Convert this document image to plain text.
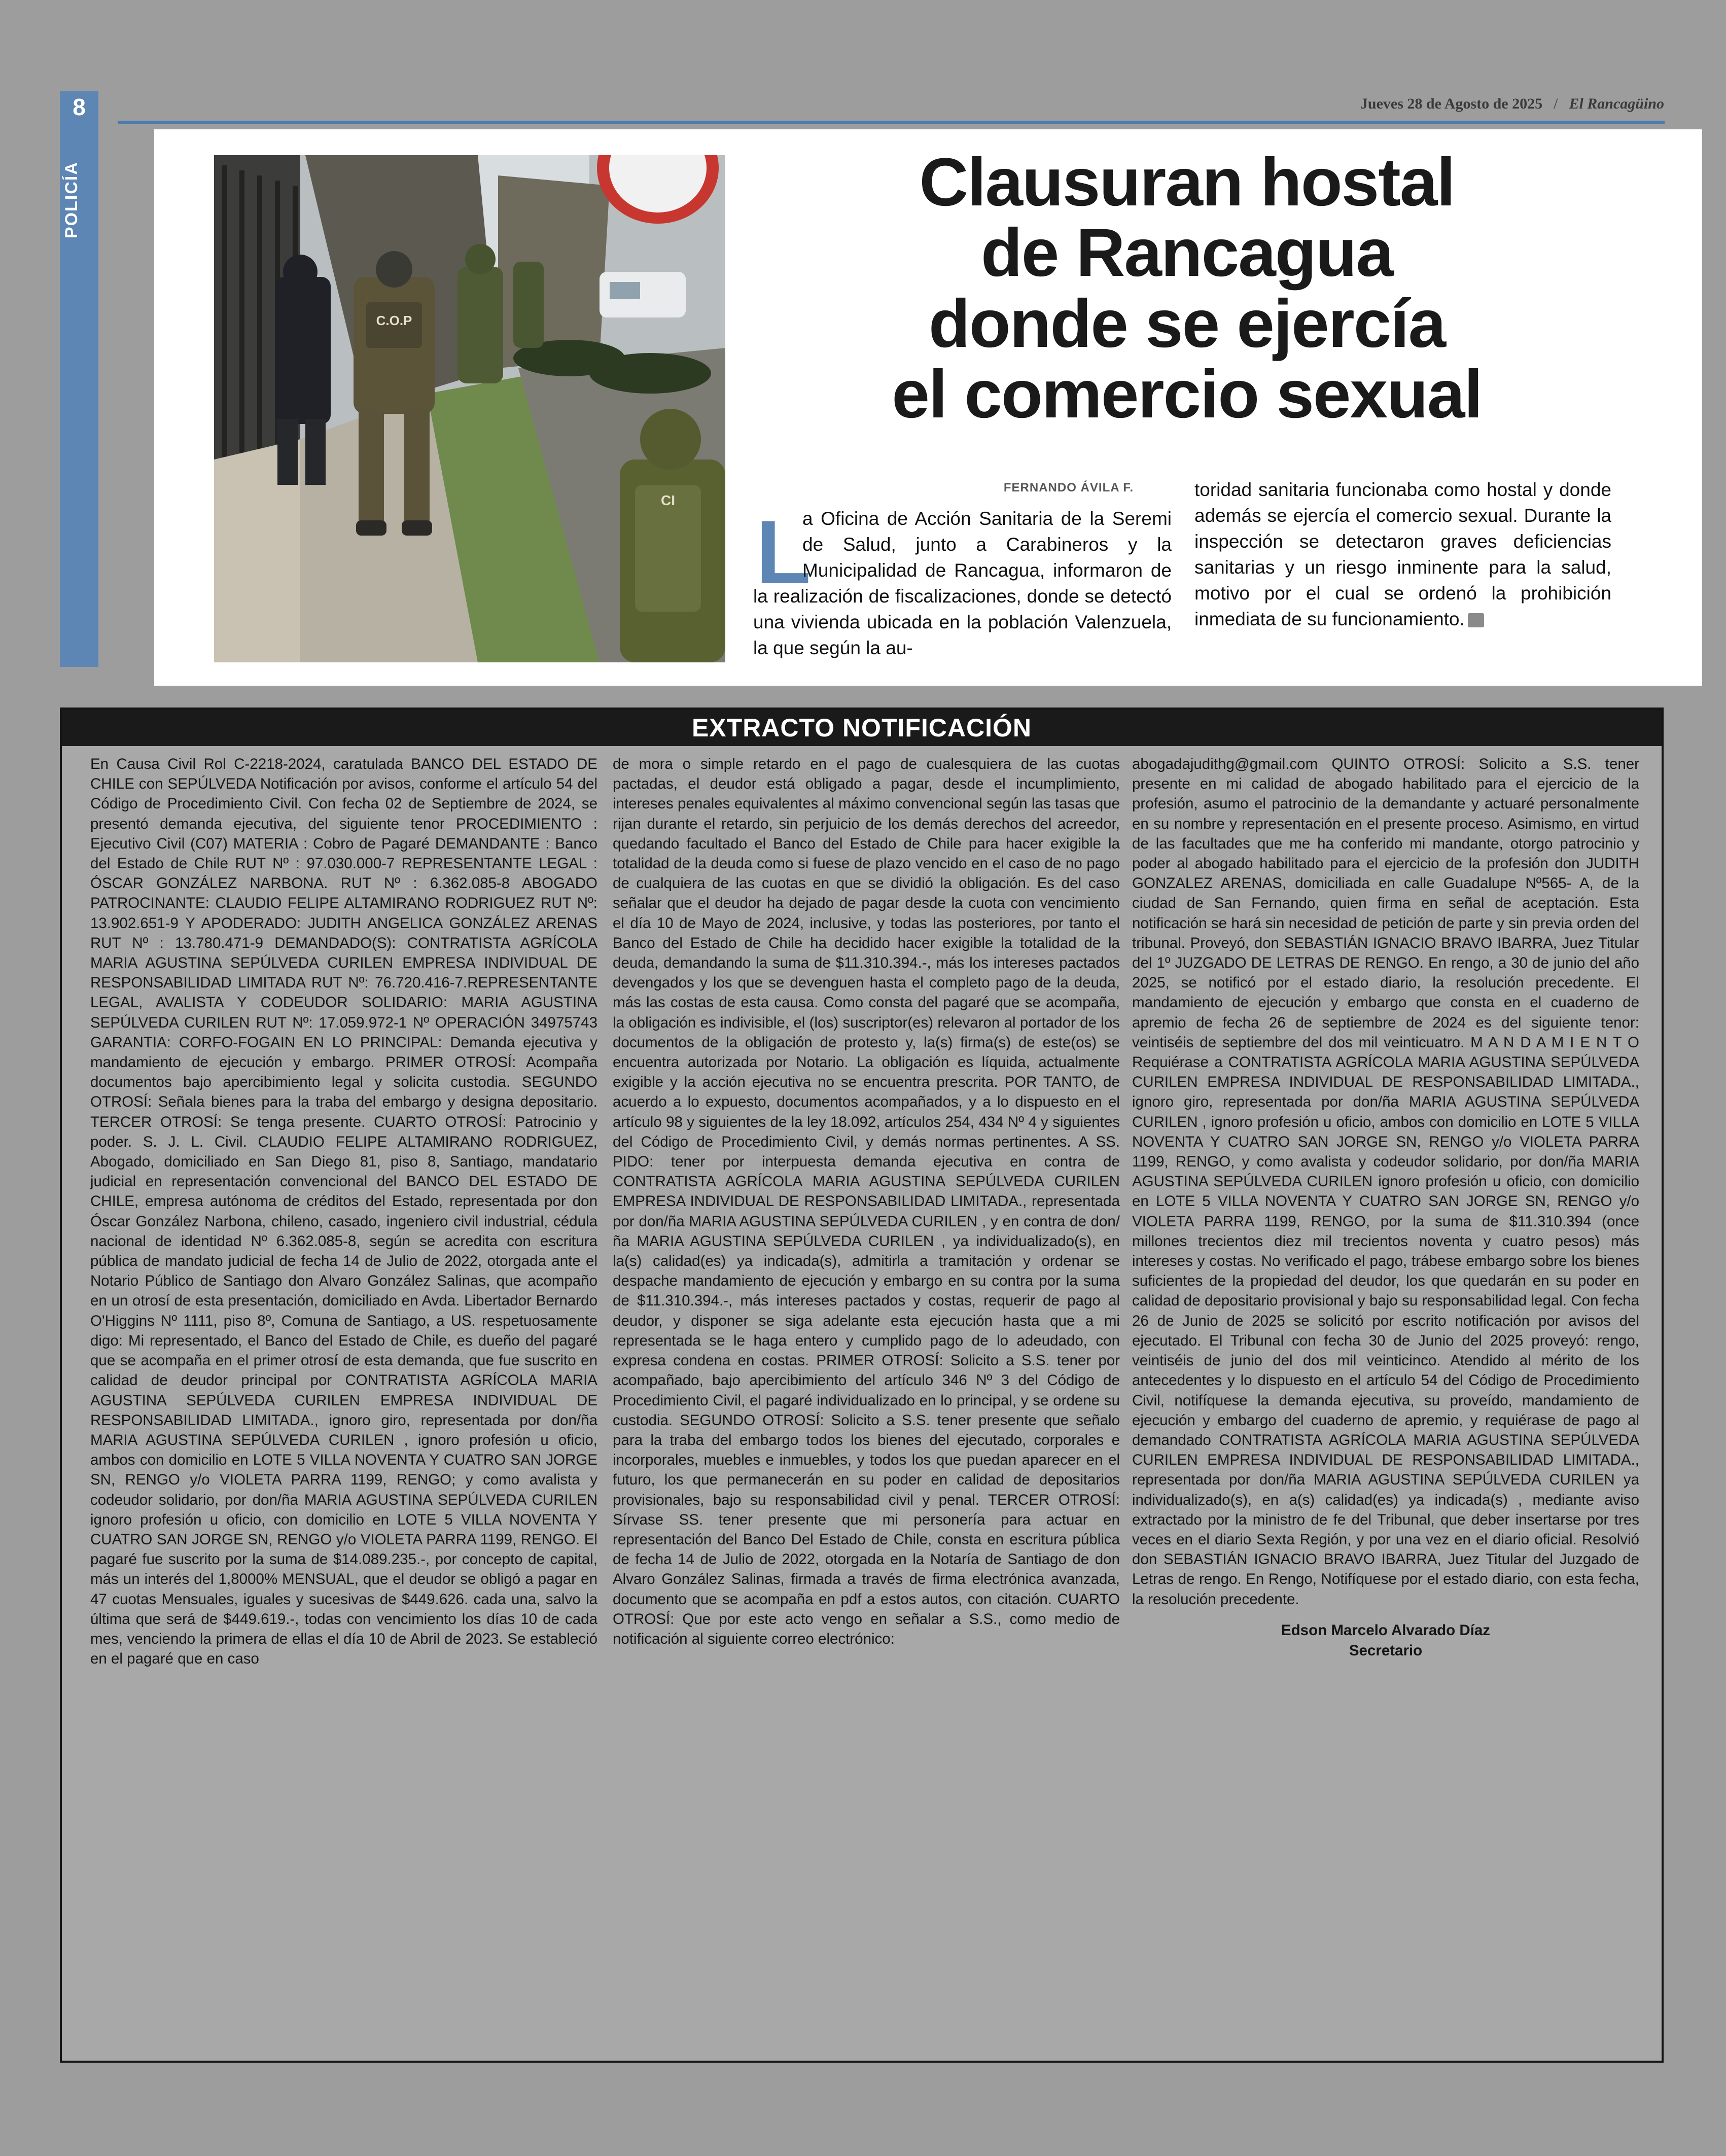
8
POLICÍA
Jueves 28 de Agosto de 2025 / El Rancagüino
C.O.P
CI
Clausuran hostal
de Rancagua
donde se ejercía
el comercio sexual
FERNANDO ÁVILA F.
L
a Oficina de Acción Sanitaria de la Seremi de Salud, junto a Carabineros y la Municipalidad de Rancagua, informaron de la realización de fiscalizaciones, donde se detectó una vivienda ubicada en la población Valenzuela, la que según la au-
toridad sanitaria funcionaba como hostal y donde además se ejercía el comercio sexual. Durante la inspección se detectaron graves deficiencias sanitarias y un riesgo inminente para la salud, motivo por el cual se ordenó la prohibición inmediata de su funcionamiento.
EXTRACTO NOTIFICACIÓN
En Causa Civil Rol C-2218-2024, caratulada BANCO DEL ESTADO DE CHILE con SEPÚLVEDA Notificación por avisos, conforme el artículo 54 del Código de Procedimiento Civil. Con fecha 02 de Septiembre de 2024, se presentó demanda ejecutiva, del siguiente tenor PROCEDIMIENTO : Ejecutivo Civil (C07) MATERIA : Cobro de Pagaré DEMANDANTE : Banco del Estado de Chile RUT Nº : 97.030.000-7 REPRESENTANTE LEGAL : ÓSCAR GONZÁLEZ NARBONA. RUT Nº : 6.362.085-8 ABOGADO PATROCINANTE: CLAUDIO FELIPE ALTAMIRANO RODRIGUEZ RUT Nº: 13.902.651-9 Y APODERADO: JUDITH ANGELICA GONZÁLEZ ARENAS RUT Nº : 13.780.471-9 DEMANDADO(S): CONTRATISTA AGRÍCOLA MARIA AGUSTINA SEPÚLVEDA CURILEN EMPRESA INDIVIDUAL DE RESPONSABILIDAD LIMITADA RUT Nº: 76.720.416-7.REPRESENTANTE LEGAL, AVALISTA Y CODEUDOR SOLIDARIO: MARIA AGUSTINA SEPÚLVEDA CURILEN RUT Nº: 17.059.972-1 Nº OPERACIÓN 34975743 GARANTIA: CORFO-FOGAIN EN LO PRINCIPAL: Demanda ejecutiva y mandamiento de ejecución y embargo. PRIMER OTROSÍ: Acompaña documentos bajo apercibimiento legal y solicita custodia. SEGUNDO OTROSÍ: Señala bienes para la traba del embargo y designa depositario. TERCER OTROSÍ: Se tenga presente. CUARTO OTROSÍ: Patrocinio y poder. S. J. L. Civil. CLAUDIO FELIPE ALTAMIRANO RODRIGUEZ, Abogado, domiciliado en San Diego 81, piso 8, Santiago, mandatario judicial en representación convencional del BANCO DEL ESTADO DE CHILE, empresa autónoma de créditos del Estado, representada por don Óscar González Narbona, chileno, casado, ingeniero civil industrial, cédula nacional de identidad Nº 6.362.085-8, según se acredita con escritura pública de mandato judicial de fecha 14 de Julio de 2022, otorgada ante el Notario Público de Santiago don Alvaro González Salinas, que acompaño en un otrosí de esta presentación, domiciliado en Avda. Libertador Bernardo O'Higgins Nº 1111, piso 8º, Comuna de Santiago, a US. respetuosamente digo: Mi representado, el Banco del Estado de Chile, es dueño del pagaré que se acompaña en el primer otrosí de esta demanda, que fue suscrito en calidad de deudor principal por CONTRATISTA AGRÍCOLA MARIA AGUSTINA SEPÚLVEDA CURILEN EMPRESA INDIVIDUAL DE RESPONSABILIDAD LIMITADA., ignoro giro, representada por don/ña MARIA AGUSTINA SEPÚLVEDA CURILEN , ignoro profesión u oficio, ambos con domicilio en LOTE 5 VILLA NOVENTA Y CUATRO SAN JORGE SN, RENGO y/o VIOLETA PARRA 1199, RENGO; y como avalista y codeudor solidario, por don/ña MARIA AGUSTINA SEPÚLVEDA CURILEN ignoro profesión u oficio, con domicilio en LOTE 5 VILLA NOVENTA Y CUATRO SAN JORGE SN, RENGO y/o VIOLETA PARRA 1199, RENGO. El pagaré fue suscrito por la suma de $14.089.235.-, por concepto de capital, más un interés del 1,8000% MENSUAL, que el deudor se obligó a pagar en 47 cuotas Mensuales, iguales y sucesivas de $449.626. cada una, salvo la última que será de $449.619.-, todas con vencimiento los días 10 de cada mes, venciendo la primera de ellas el día 10 de Abril de 2023. Se estableció en el pagaré que en caso
de mora o simple retardo en el pago de cualesquiera de las cuotas pactadas, el deudor está obligado a pagar, desde el incumplimiento, intereses penales equivalentes al máximo convencional según las tasas que rijan durante el retardo, sin perjuicio de los demás derechos del acreedor, quedando facultado el Banco del Estado de Chile para hacer exigible la totalidad de la deuda como si fuese de plazo vencido en el caso de no pago de cualquiera de las cuotas en que se dividió la obligación. Es del caso señalar que el deudor ha dejado de pagar desde la cuota con vencimiento el día 10 de Mayo de 2024, inclusive, y todas las posteriores, por tanto el Banco del Estado de Chile ha decidido hacer exigible la totalidad de la deuda, demandando la suma de $11.310.394.-, más los intereses pactados devengados y los que se devenguen hasta el completo pago de la deuda, más las costas de esta causa. Como consta del pagaré que se acompaña, la obligación es indivisible, el (los) suscriptor(es) relevaron al portador de los documentos de la obligación de protesto y, la(s) firma(s) de este(os) se encuentra autorizada por Notario. La obligación es líquida, actualmente exigible y la acción ejecutiva no se encuentra prescrita. POR TANTO, de acuerdo a lo expuesto, documentos acompañados, y a lo dispuesto en el artículo 98 y siguientes de la ley 18.092, artículos 254, 434 Nº 4 y siguientes del Código de Procedimiento Civil, y demás normas pertinentes. A SS. PIDO: tener por interpuesta demanda ejecutiva en contra de CONTRATISTA AGRÍCOLA MARIA AGUSTINA SEPÚLVEDA CURILEN EMPRESA INDIVIDUAL DE RESPONSABILIDAD LIMITADA., representada por don/ña MARIA AGUSTINA SEPÚLVEDA CURILEN , y en contra de don/ña MARIA AGUSTINA SEPÚLVEDA CURILEN , ya individualizado(s), en la(s) calidad(es) ya indicada(s), admitirla a tramitación y ordenar se despache mandamiento de ejecución y embargo en su contra por la suma de $11.310.394.-, más intereses pactados y costas, requerir de pago al deudor, y disponer se siga adelante esta ejecución hasta que a mi representada se le haga entero y cumplido pago de lo adeudado, con expresa condena en costas. PRIMER OTROSÍ: Solicito a S.S. tener por acompañado, bajo apercibimiento del artículo 346 Nº 3 del Código de Procedimiento Civil, el pagaré individualizado en lo principal, y se ordene su custodia. SEGUNDO OTROSÍ: Solicito a S.S. tener presente que señalo para la traba del embargo todos los bienes del ejecutado, corporales e incorporales, muebles e inmuebles, y todos los que puedan aparecer en el futuro, los que permanecerán en su poder en calidad de depositarios provisionales, bajo su responsabilidad civil y penal. TERCER OTROSÍ: Sírvase SS. tener presente que mi personería para actuar en representación del Banco Del Estado de Chile, consta en escritura pública de fecha 14 de Julio de 2022, otorgada en la Notaría de Santiago de don Alvaro González Salinas, firmada a través de firma electrónica avanzada, documento que se acompaña en pdf a estos autos, con citación. CUARTO OTROSÍ: Que por este acto vengo en señalar a S.S., como medio de notificación al siguiente correo electrónico:
abogadajudithg@gmail.com QUINTO OTROSÍ: Solicito a S.S. tener presente en mi calidad de abogado habilitado para el ejercicio de la profesión, asumo el patrocinio de la demandante y actuaré personalmente en su nombre y representación en el presente proceso. Asimismo, en virtud de las facultades que me ha conferido mi mandante, otorgo patrocinio y poder al abogado habilitado para el ejercicio de la profesión don JUDITH GONZALEZ ARENAS, domiciliada en calle Guadalupe Nº565- A, de la ciudad de San Fernando, quien firma en señal de aceptación. Esta notificación se hará sin necesidad de petición de parte y sin previa orden del tribunal. Proveyó, don SEBASTIÁN IGNACIO BRAVO IBARRA, Juez Titular del 1º JUZGADO DE LETRAS DE RENGO. En rengo, a 30 de junio del año 2025, se notificó por el estado diario, la resolución precedente. El mandamiento de ejecución y embargo que consta en el cuaderno de apremio de fecha 26 de septiembre de 2024 es del siguiente tenor: veintiséis de septiembre del dos mil veinticuatro. M A N D A M I E N T O Requiérase a CONTRATISTA AGRÍCOLA MARIA AGUSTINA SEPÚLVEDA CURILEN EMPRESA INDIVIDUAL DE RESPONSABILIDAD LIMITADA., ignoro giro, representada por don/ña MARIA AGUSTINA SEPÚLVEDA CURILEN , ignoro profesión u oficio, ambos con domicilio en LOTE 5 VILLA NOVENTA Y CUATRO SAN JORGE SN, RENGO y/o VIOLETA PARRA 1199, RENGO, y como avalista y codeudor solidario, por don/ña MARIA AGUSTINA SEPÚLVEDA CURILEN ignoro profesión u oficio, con domicilio en LOTE 5 VILLA NOVENTA Y CUATRO SAN JORGE SN, RENGO y/o VIOLETA PARRA 1199, RENGO, por la suma de $11.310.394 (once millones trecientos diez mil trecientos noventa y cuatro pesos) más intereses y costas. No verificado el pago, trábese embargo sobre los bienes suficientes de la propiedad del deudor, los que quedarán en su poder en calidad de depositario provisional y bajo su responsabilidad legal. Con fecha 26 de Junio de 2025 se solicitó por escrito notificación por avisos del ejecutado. El Tribunal con fecha 30 de Junio del 2025 proveyó: rengo, veintiséis de junio del dos mil veinticinco. Atendido al mérito de los antecedentes y lo dispuesto en el artículo 54 del Código de Procedimiento Civil, notifíquese la demanda ejecutiva, su proveído, mandamiento de ejecución y embargo del cuaderno de apremio, y requiérase de pago al demandado CONTRATISTA AGRÍCOLA MARIA AGUSTINA SEPÚLVEDA CURILEN EMPRESA INDIVIDUAL DE RESPONSABILIDAD LIMITADA., representada por don/ña MARIA AGUSTINA SEPÚLVEDA CURILEN ya individualizado(s), en a(s) calidad(es) ya indicada(s) , mediante aviso extractado por la ministro de fe del Tribunal, que deber insertarse por tres veces en el diario Sexta Región, y por una vez en el diario oficial. Resolvió don SEBASTIÁN IGNACIO BRAVO IBARRA, Juez Titular del Juzgado de Letras de rengo. En Rengo, Notifíquese por el estado diario, con esta fecha, la resolución precedente.
Edson Marcelo Alvarado Díaz
Secretario
